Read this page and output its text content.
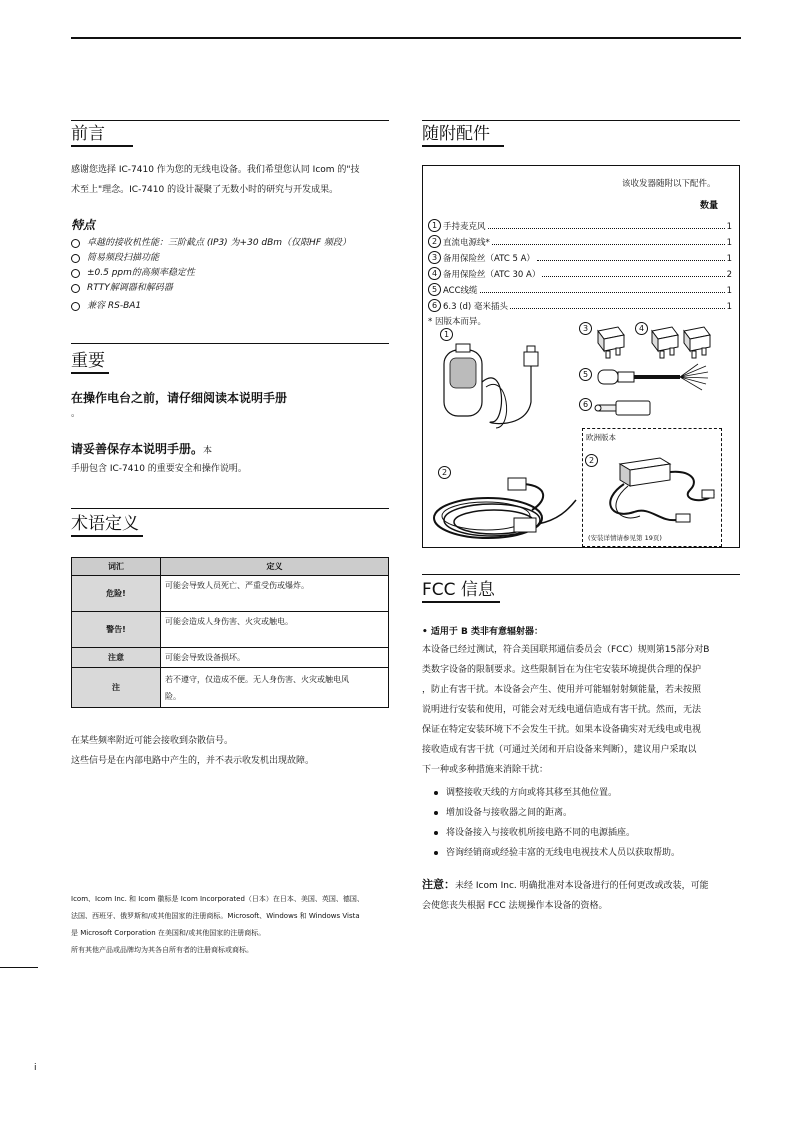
前言
感谢您选择 IC-7410 作为您的无线电设备。我们希望您认同 Icom 的"技
术至上"理念。IC-7410 的设计凝聚了无数小时的研究与开发成果。
特点
卓越的接收机性能：三阶截点 (IP3) 为+30 dBm（仅限HF 频段）
简易频段扫描功能
±0.5 ppm的高频率稳定性
RTTY解调器和解码器
兼容 RS-BA1
重要
在操作电台之前，请仔细阅读本说明手册
。
请妥善保存本说明手册。本
手册包含 IC-7410 的重要安全和操作说明。
术语定义
词汇	定义
危险!	可能会导致人员死亡、严重受伤或爆炸。
警告!	可能会造成人身伤害、火灾或触电。
注意	可能会导致设备损坏。
注	若不遵守，仅造成不便。无人身伤害、火灾或触电风
险。
在某些频率附近可能会接收到杂散信号。
这些信号是在内部电路中产生的，并不表示收发机出现故障。
Icom、Icom Inc. 和 Icom 徽标是 Icom Incorporated（日本）在日本、美国、英国、德国、
法国、西班牙、俄罗斯和/或其他国家的注册商标。Microsoft、Windows 和 Windows Vista
是 Microsoft Corporation 在美国和/或其他国家的注册商标。
所有其他产品或品牌均为其各自所有者的注册商标或商标。
i
随附配件
该收发器随附以下配件。
数量
1 手持麦克风	1
2 直流电源线*	1
3 备用保险丝（ATC 5 A）	1
4 备用保险丝（ATC 30 A）	2
5 ACC线缆	1
6 6.3 (d) 毫米插头	1
* 因版本而异。
1
3	4
5
6
欧洲版本
2
(安装详情请参见第 19页)
2
FCC 信息
• 适用于 B 类非有意辐射器：
本设备已经过测试，符合美国联邦通信委员会（FCC）规则第15部分对B
类数字设备的限制要求。这些限制旨在为住宅安装环境提供合理的保护
，防止有害干扰。本设备会产生、使用并可能辐射射频能量，若未按照
说明进行安装和使用，可能会对无线电通信造成有害干扰。然而，无法
保证在特定安装环境下不会发生干扰。如果本设备确实对无线电或电视
接收造成有害干扰（可通过关闭和开启设备来判断），建议用户采取以
下一种或多种措施来消除干扰：
调整接收天线的方向或将其移至其他位置。
增加设备与接收器之间的距离。
将设备接入与接收机所接电路不同的电源插座。
咨询经销商或经验丰富的无线电电视技术人员以获取帮助。
注意：未经 Icom Inc. 明确批准对本设备进行的任何更改或改装，可能
会使您丧失根据 FCC 法规操作本设备的资格。
